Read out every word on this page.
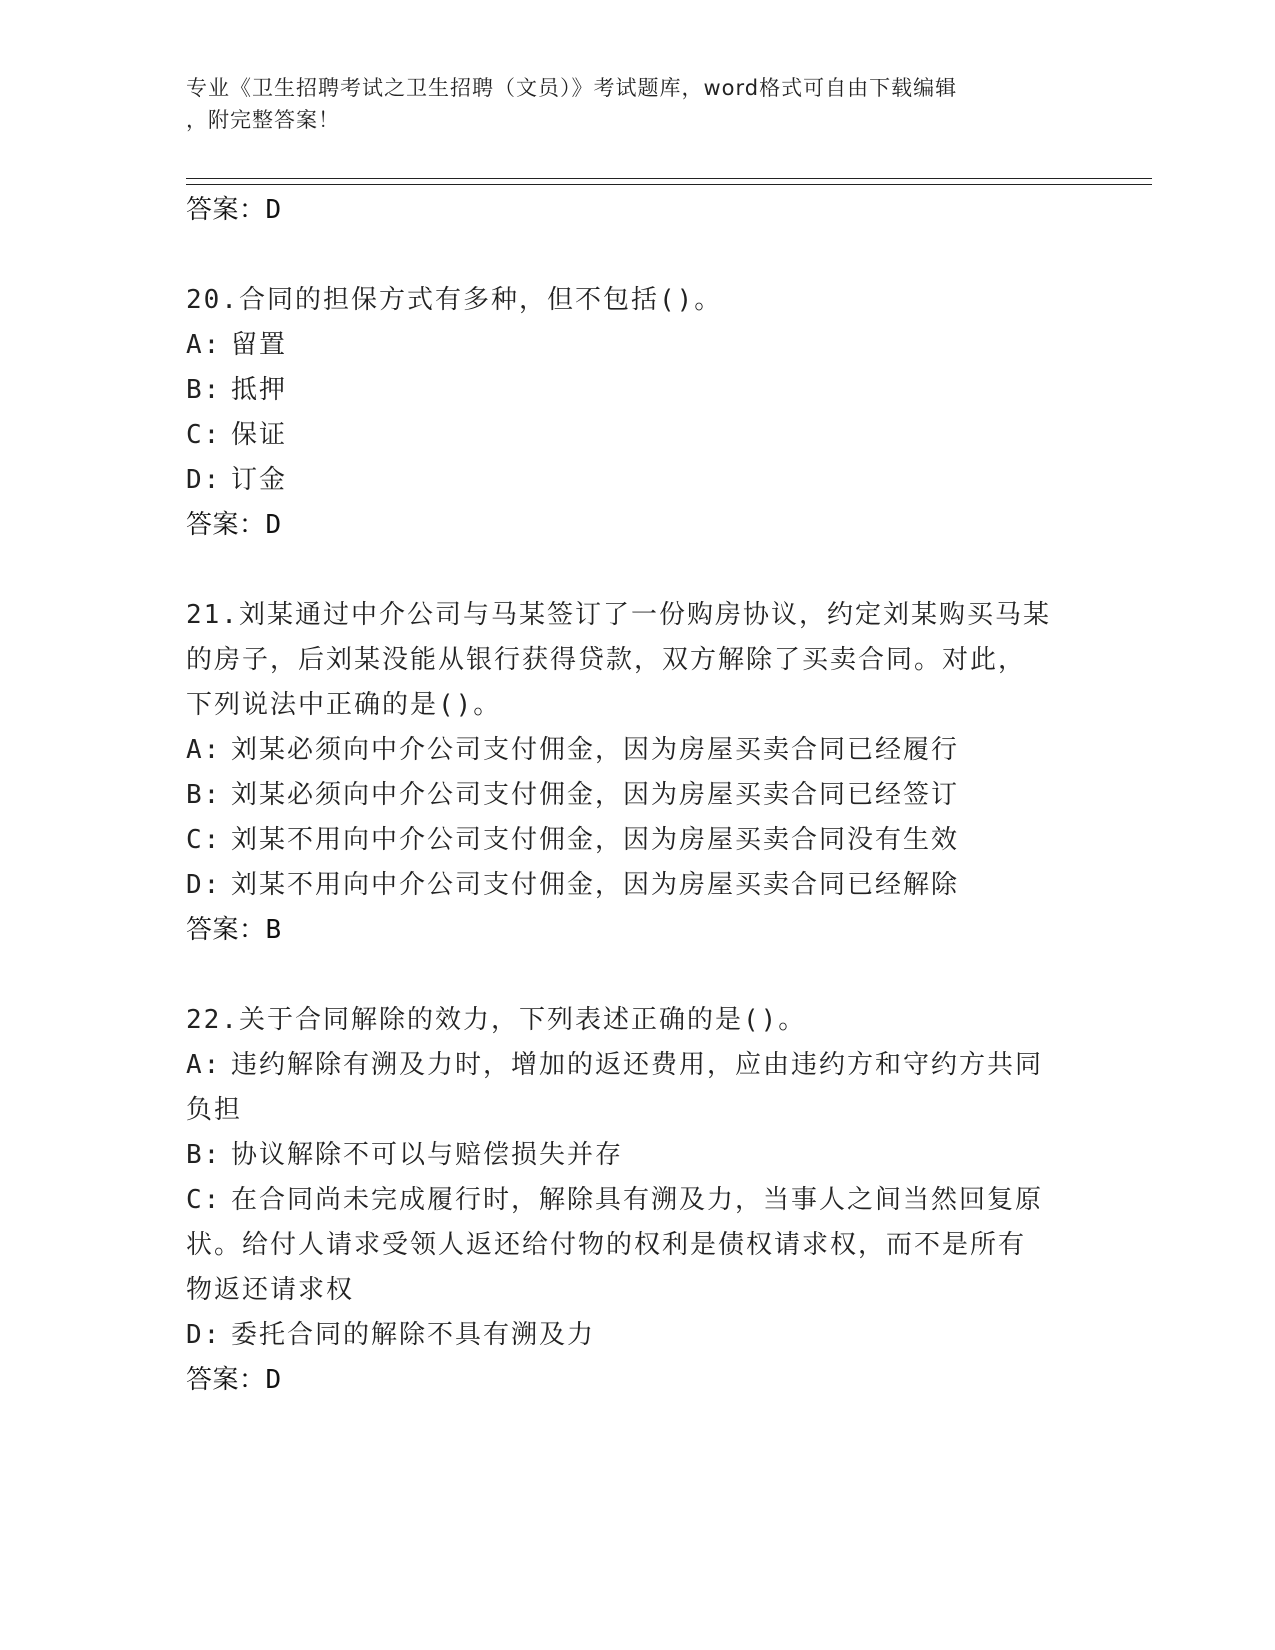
专业《卫生招聘考试之卫生招聘（文员）》考试题库，word格式可自由下载编辑
，附完整答案！
答案：D

20.合同的担保方式有多种，但不包括()。

A: 留置

B: 抵押

C: 保证

D: 订金

答案：D

21.刘某通过中介公司与马某签订了一份购房协议，约定刘某购买马某

的房子，后刘某没能从银行获得贷款，双方解除了买卖合同。对此，

下列说法中正确的是()。

A: 刘某必须向中介公司支付佣金，因为房屋买卖合同已经履行

B: 刘某必须向中介公司支付佣金，因为房屋买卖合同已经签订

C: 刘某不用向中介公司支付佣金，因为房屋买卖合同没有生效

D: 刘某不用向中介公司支付佣金，因为房屋买卖合同已经解除

答案：B

22.关于合同解除的效力，下列表述正确的是()。

A: 违约解除有溯及力时，增加的返还费用，应由违约方和守约方共同

负担

B: 协议解除不可以与赔偿损失并存

C: 在合同尚未完成履行时，解除具有溯及力，当事人之间当然回复原

状。给付人请求受领人返还给付物的权利是债权请求权，而不是所有

物返还请求权

D: 委托合同的解除不具有溯及力

答案：D
